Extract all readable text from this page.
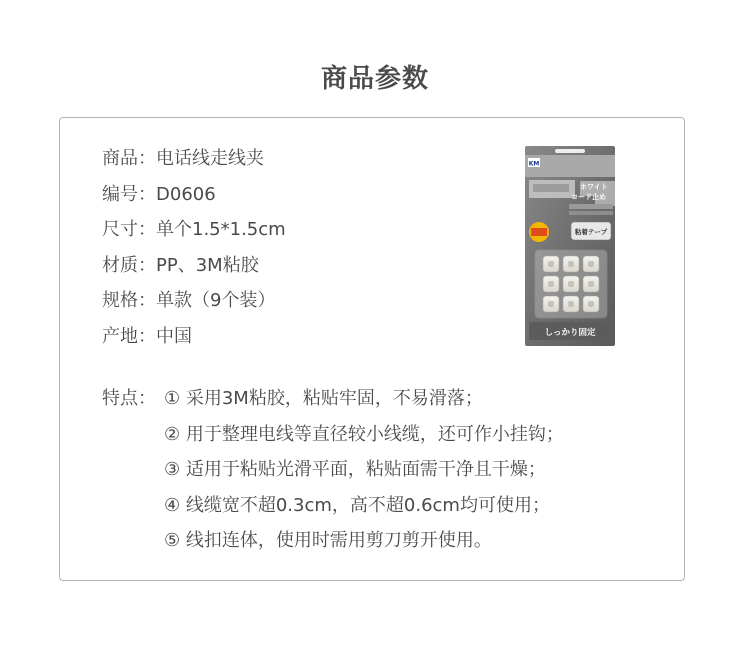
商品参数
商品：电话线走线夹
编号：D0606
尺寸：单个1.5*1.5cm
材质：PP、3M粘胶
规格：单款（9个装）
产地：中国
特点： ① 采用3M粘胶，粘贴牢固，不易滑落；
② 用于整理电线等直径较小线缆，还可作小挂钩；
③ 适用于粘贴光滑平面，粘贴面需干净且干燥；
④ 线缆宽不超0.3cm，高不超0.6cm均可使用；
⑤ 线扣连体，使用时需用剪刀剪开使用。
KM
ホワイト
コード止め
粘着テープ
しっかり固定
